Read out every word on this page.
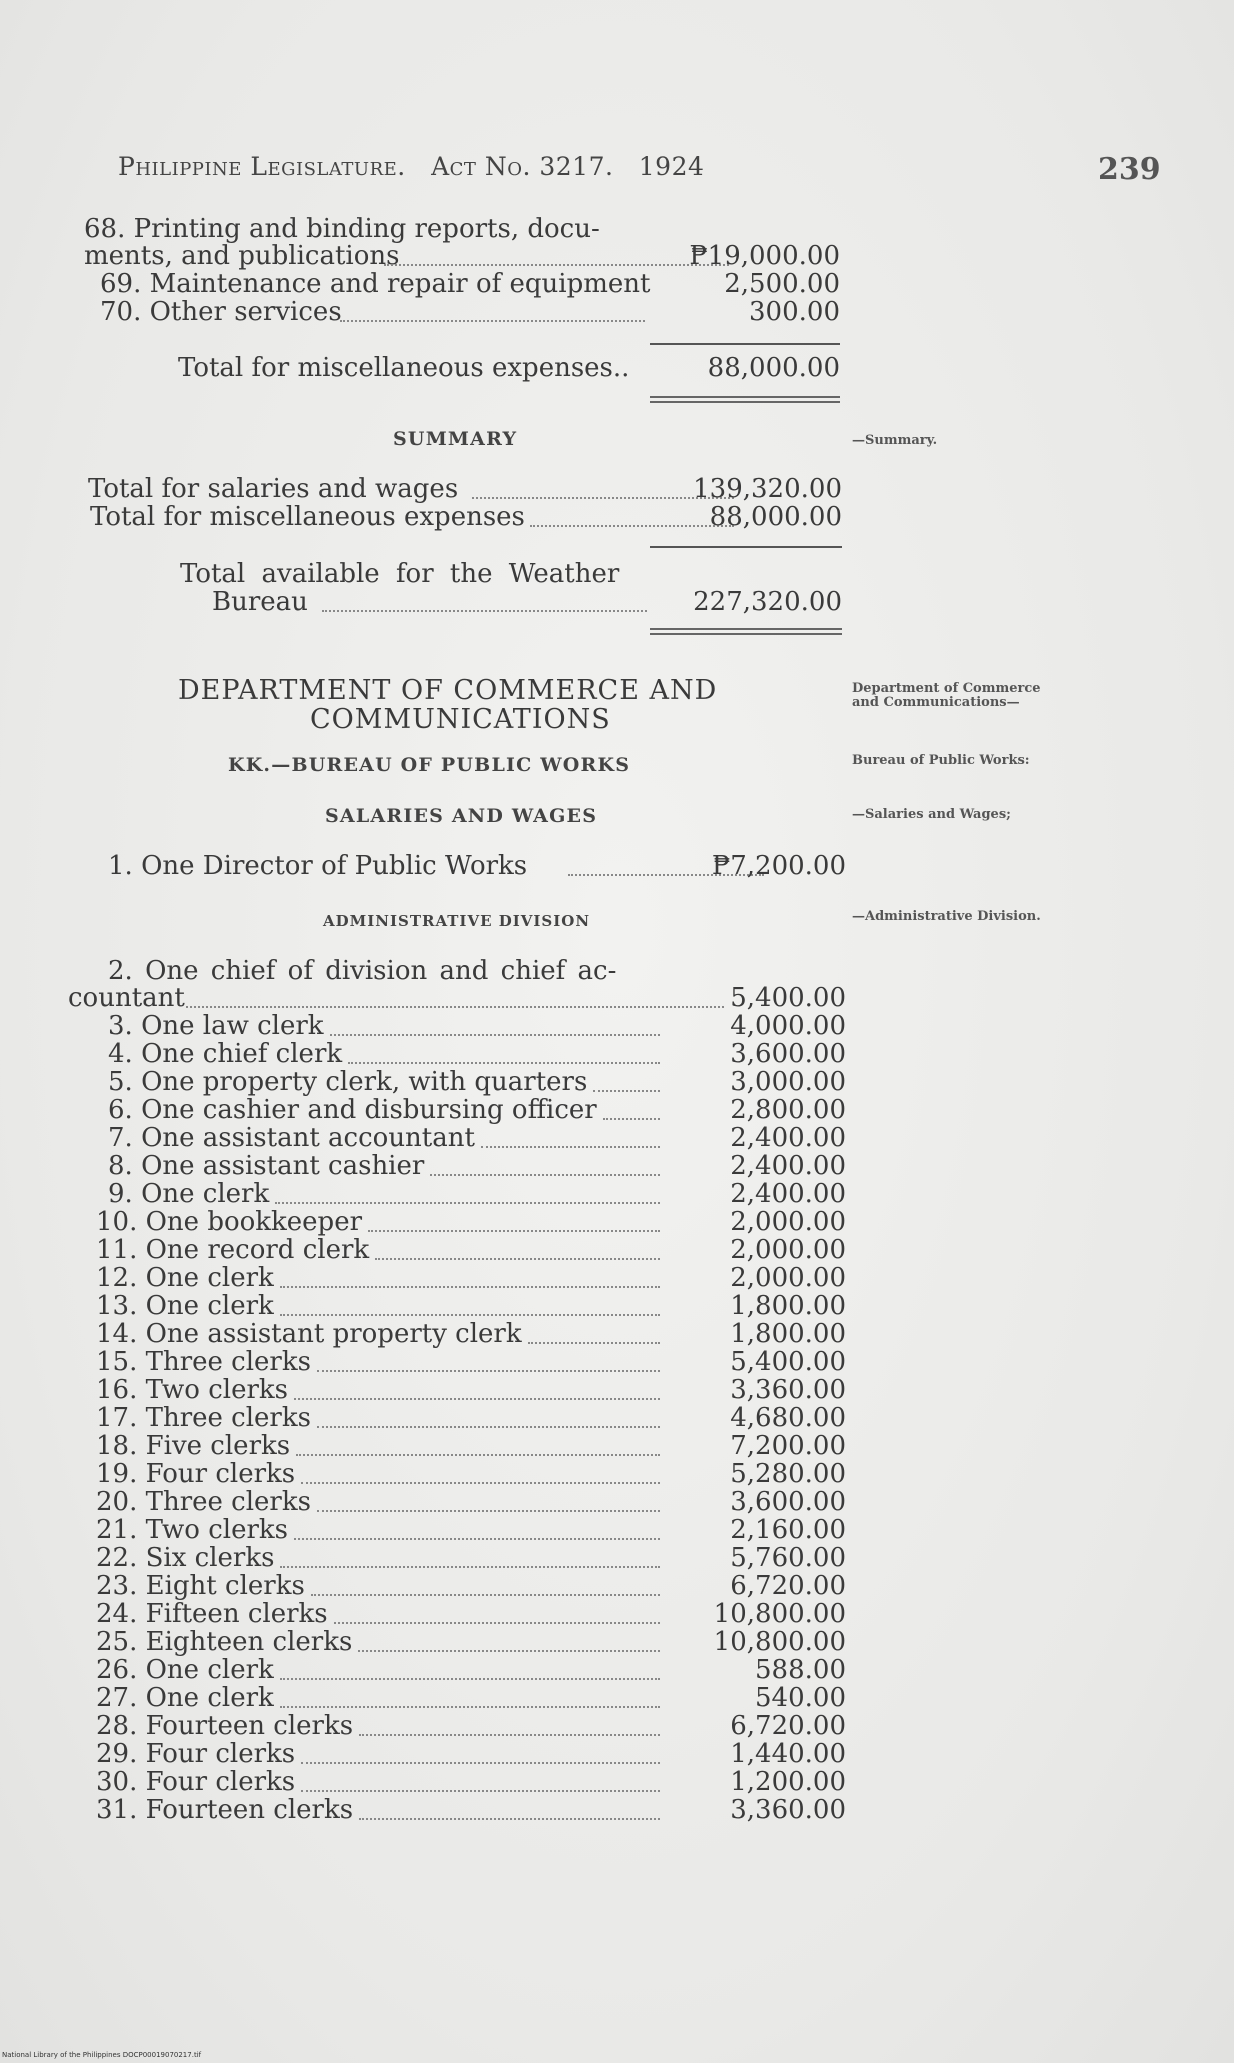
Philippine Legislature. Act No. 3217. 1924	239
68. Printing and binding reports, docu-
ments, and publications	₱19,000.00
69. Maintenance and repair of equipment	2,500.00
70. Other services	300.00
Total for miscellaneous expenses..	88,000.00
SUMMARY	—Summary.
Total for salaries and wages	139,320.00
Total for miscellaneous expenses	88,000.00
Total available for the Weather
Bureau	227,320.00
DEPARTMENT OF COMMERCE AND
COMMUNICATIONS
Department of Commerce and Communications—
KK.—BUREAU OF PUBLIC WORKS	Bureau of Public Works:
SALARIES AND WAGES	—Salaries and Wages;
1. One Director of Public Works	₱7,200.00
ADMINISTRATIVE DIVISION	—Administrative Division.
2. One chief of division and chief ac-
countant	5,400.00
3. One law clerk	4,000.00
4. One chief clerk	3,600.00
5. One property clerk, with quarters	3,000.00
6. One cashier and disbursing officer	2,800.00
7. One assistant accountant	2,400.00
8. One assistant cashier	2,400.00
9. One clerk	2,400.00
10. One bookkeeper	2,000.00
11. One record clerk	2,000.00
12. One clerk	2,000.00
13. One clerk	1,800.00
14. One assistant property clerk	1,800.00
15. Three clerks	5,400.00
16. Two clerks	3,360.00
17. Three clerks	4,680.00
18. Five clerks	7,200.00
19. Four clerks	5,280.00
20. Three clerks	3,600.00
21. Two clerks	2,160.00
22. Six clerks	5,760.00
23. Eight clerks	6,720.00
24. Fifteen clerks	10,800.00
25. Eighteen clerks	10,800.00
26. One clerk	588.00
27. One clerk	540.00
28. Fourteen clerks	6,720.00
29. Four clerks	1,440.00
30. Four clerks	1,200.00
31. Fourteen clerks	3,360.00
National Library of the Philippines DOCP00019070217.tif
